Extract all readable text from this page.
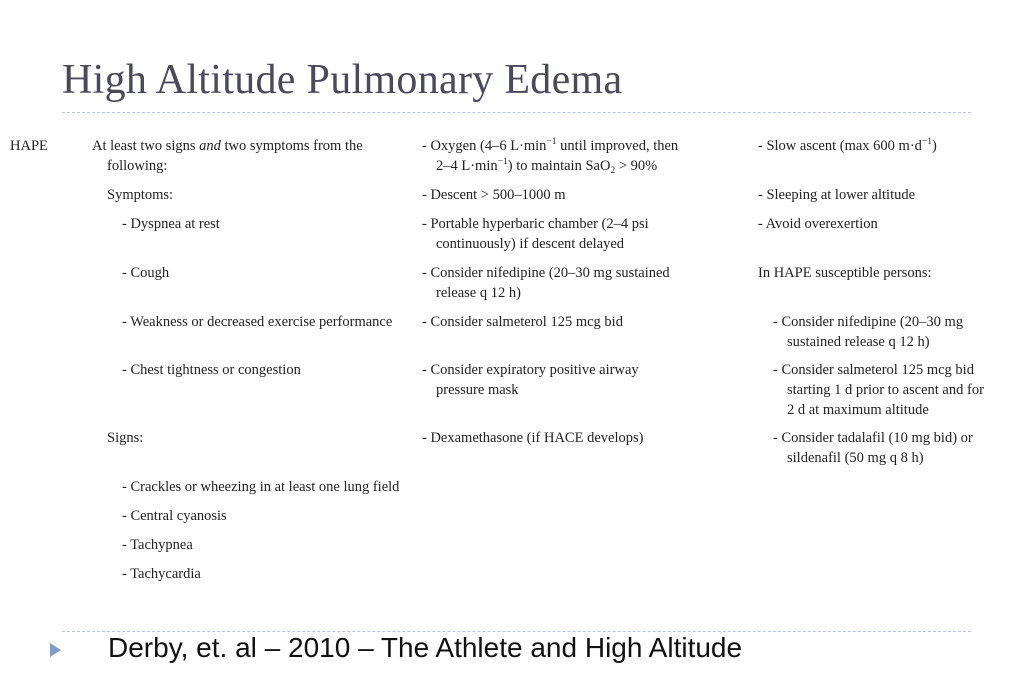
High Altitude Pulmonary Edema
HAPE	At least two signs and two symptoms from the
following:
Symptoms:
- Dyspnea at rest
- Cough
- Weakness or decreased exercise performance
- Chest tightness or congestion
Signs:
- Crackles or wheezing in at least one lung field
- Central cyanosis
- Tachypnea
- Tachycardia
- Oxygen (4–6 $L\cdot\min^{-1}$ until improved, then
2–4 $L\cdot\min^{-1}$) to maintain SaO$_2$ > 90%
- Descent > 500–1000 m
- Portable hyperbaric chamber (2–4 psi
continuously) if descent delayed
- Consider nifedipine (20–30 mg sustained
release q 12 h)
- Consider salmeterol 125 mcg bid
- Consider expiratory positive airway
pressure mask
- Dexamethasone (if HACE develops)
- Slow ascent (max 600 $m\cdot d^{-1}$)
- Sleeping at lower altitude
- Avoid overexertion
In HAPE susceptible persons:
- Consider nifedipine (20–30 mg
sustained release q 12 h)
- Consider salmeterol 125 mcg bid
starting 1 d prior to ascent and for
2 d at maximum altitude
- Consider tadalafil (10 mg bid) or
sildenafil (50 mg q 8 h)
Derby, et. al – 2010 – The Athlete and High Altitude
